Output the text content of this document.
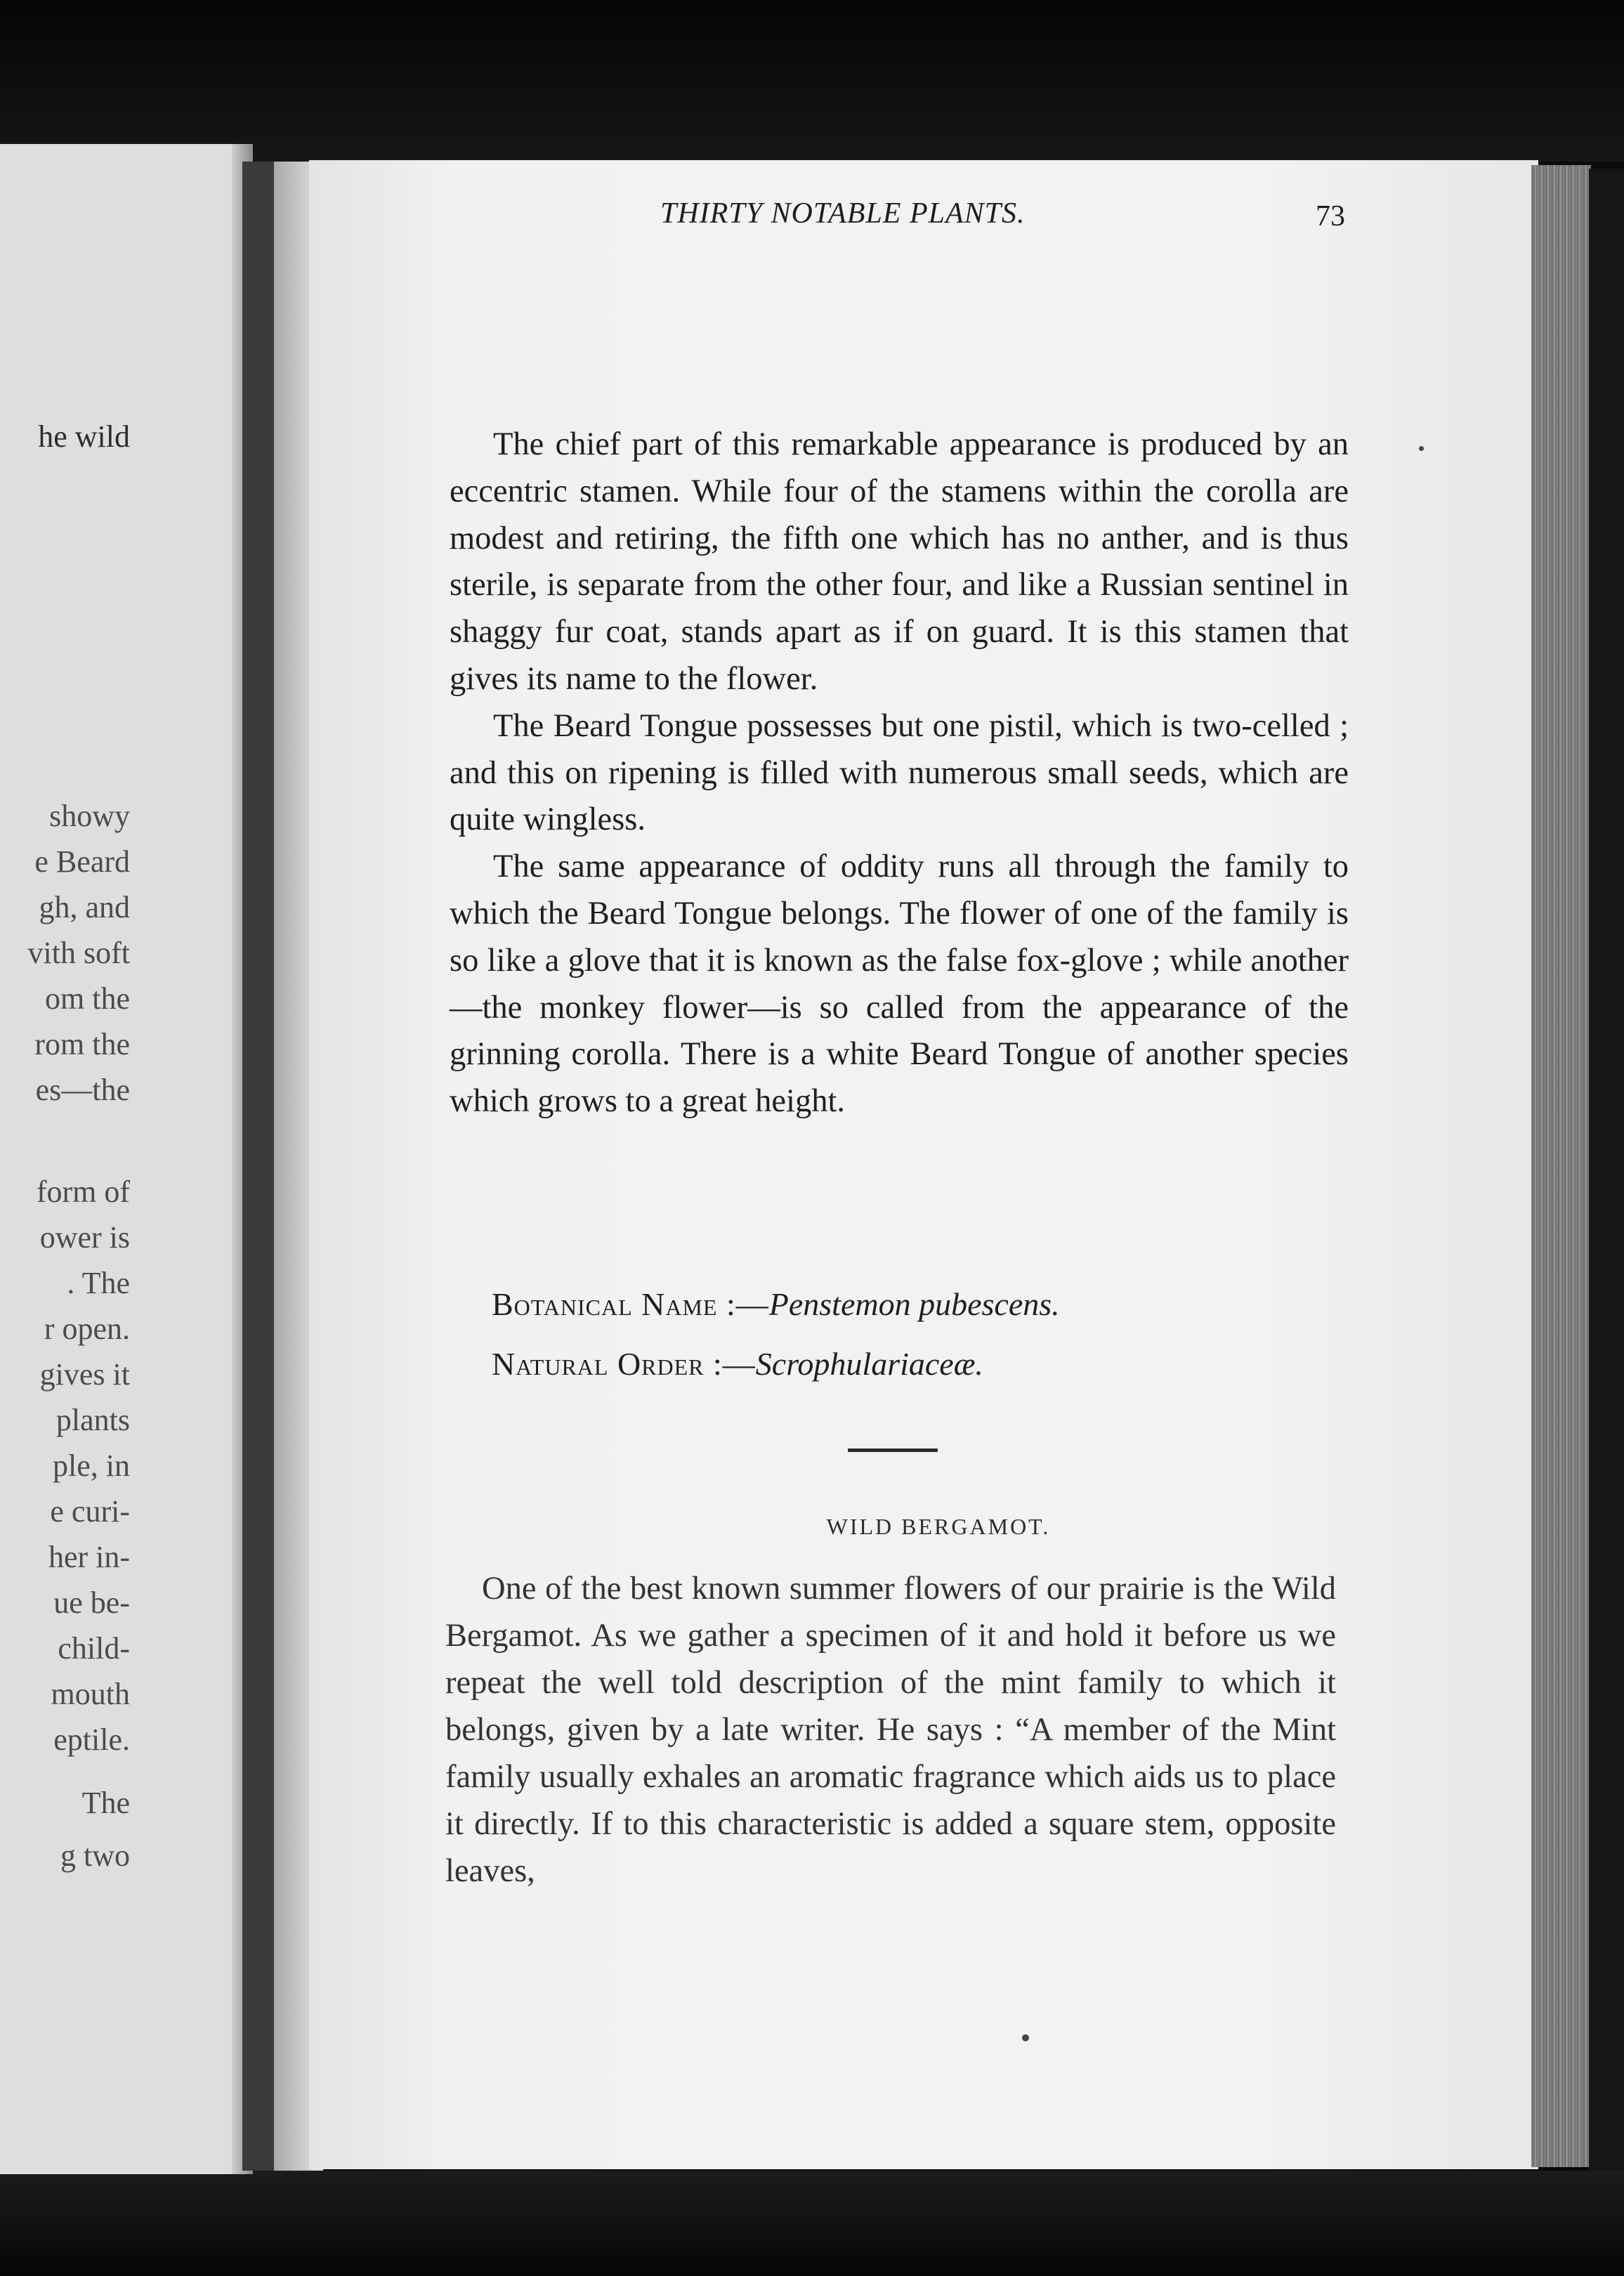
he wild
showy
e Beard
gh, and
vith soft
om the
rom the
es—the
form of
ower is
. The
r open.
gives it
plants
ple, in
e curi-
her in-
ue be-
child-
mouth
eptile.
The
g two
THIRTY NOTABLE PLANTS.	73

The chief part of this remarkable appearance is produced by an eccentric stamen. While four of the stamens within the corolla are modest and retiring, the fifth one which has no anther, and is thus sterile, is separate from the other four, and like a Russian sentinel in shaggy fur coat, stands apart as if on guard. It is this stamen that gives its name to the flower.

The Beard Tongue possesses but one pistil, which is two-celled ; and this on ripening is filled with numerous small seeds, which are quite wingless.

The same appearance of oddity runs all through the family to which the Beard Tongue belongs. The flower of one of the family is so like a glove that it is known as the false fox-glove ; while another—the monkey flower—is so called from the appearance of the grinning corolla. There is a white Beard Tongue of another species which grows to a great height.

Botanical Name :—Penstemon pubescens.
Natural Order :—Scrophulariaceæ.
WILD BERGAMOT.

One of the best known summer flowers of our prairie is the Wild Bergamot. As we gather a specimen of it and hold it before us we repeat the well told description of the mint family to which it belongs, given by a late writer. He says : “A member of the Mint family usually exhales an aromatic fragrance which aids us to place it directly. If to this characteristic is added a square stem, opposite leaves,
